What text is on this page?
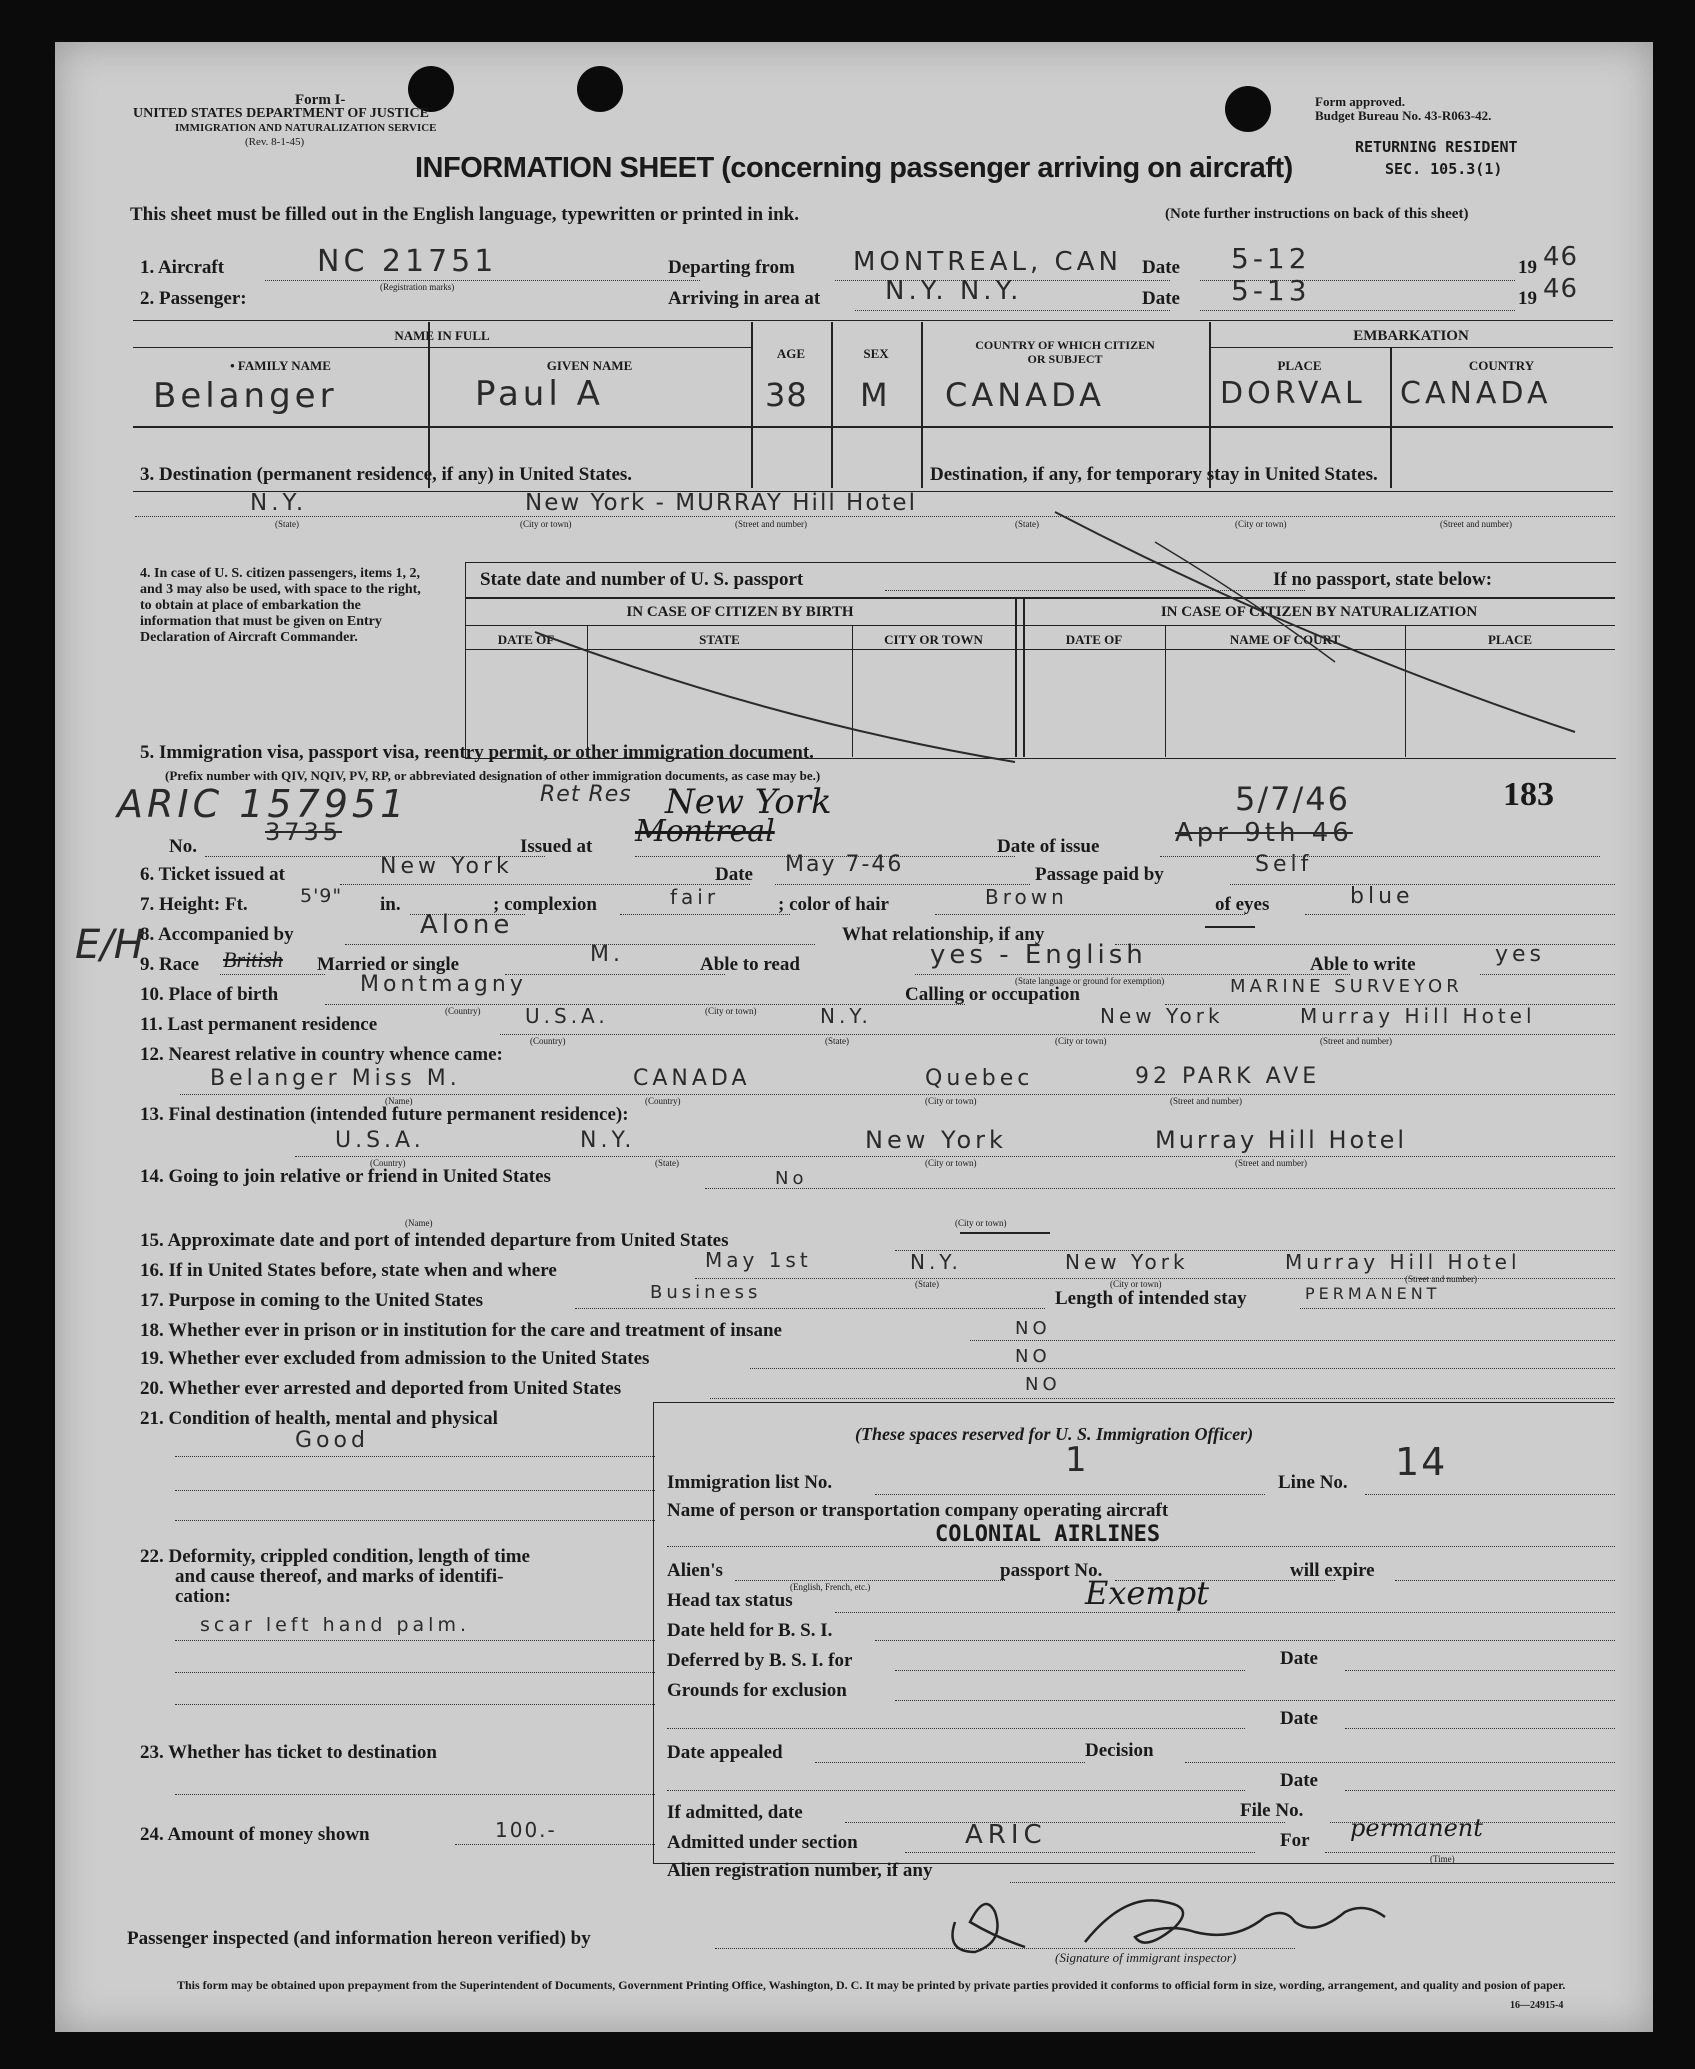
Form I-
UNITED STATES DEPARTMENT OF JUSTICE
IMMIGRATION AND NATURALIZATION SERVICE
(Rev. 8-1-45)
Form approved.
Budget Bureau No. 43-R063-42.
RETURNING RESIDENT
SEC. 105.3(1)
INFORMATION SHEET (concerning passenger arriving on aircraft)
This sheet must be filled out in the English language, typewritten or printed in ink.	(Note further instructions on back of this sheet)
1. Aircraft	NC 21751
(Registration marks)
Departing from MONTREAL, CAN Date 5-12	19 46
2. Passenger:	Arriving in area at N.Y. N.Y.	Date 5-13	19 46
NAME IN FULL
• FAMILY NAME	GIVEN NAME
AGE	SEX
COUNTRY OF WHICH CITIZEN
OR SUBJECT
EMBARKATION
PLACE	COUNTRY
Belanger	Paul A	38 M CANADA	DORVAL CANADA
3. Destination (permanent residence, if any) in United States.	Destination, if any, for temporary stay in United States.
N.Y.	New York - MURRAY Hill Hotel
(State)	(City or town)	(Street and number)	(State)	(City or town)	(Street and number)
4. In case of U. S. citizen passengers, items 1, 2, and 3 may also be used, with space to the right, to obtain at place of embarkation the information that must be given on Entry Declaration of Aircraft Commander.
State date and number of U. S. passport	If no passport, state below:
IN CASE OF CITIZEN BY BIRTH	IN CASE OF CITIZEN BY NATURALIZATION
DATE OF	STATE	CITY OR TOWN	DATE OF	NAME OF COURT	PLACE
5. Immigration visa, passport visa, reentry permit, or other immigration document.
(Prefix number with QIV, NQIV, PV, RP, or abbreviated designation of other immigration documents, as case may be.)
ARIC 157951	Ret Res New York	5/7/46	183
No.
3735
Issued at Montreal	Date of issue	Apr 9th 46
6. Ticket issued at	New York	Date May 7-46	Passage paid by	Self
7. Height: Ft.	5'9" in.	; complexion	fair	; color of hair	Brown	of eyes	blue
E/H
8. Accompanied by	Alone	What relationship, if any
9. Race British Married or single	M.	Able to read	yes - English
(State language or ground for exemption)
Able to write	yes
10. Place of birth	Montmagny
(Country)	(City or town)
Calling or occupation	MARINE SURVEYOR
11. Last permanent residence	U.S.A.	N.Y.	New York	Murray Hill Hotel
(Country)	(State)	(City or town)	(Street and number)
12. Nearest relative in country whence came:
Belanger Miss M.	CANADA	Quebec	92 PARK AVE
(Name)	(Country)	(City or town)	(Street and number)
13. Final destination (intended future permanent residence):
U.S.A.	N.Y.	New York	Murray Hill Hotel
(Country)	(State)	(City or town)	(Street and number)
14. Going to join relative or friend in United States	No
(Name)	(City or town)
15. Approximate date and port of intended departure from United States
16. If in United States before, state when and where	May 1st	N.Y.	New York	Murray Hill Hotel
(State)	(City or town)	(Street and number)
17. Purpose in coming to the United States	Business	Length of intended stay	PERMANENT
18. Whether ever in prison or in institution for the care and treatment of insane	NO
19. Whether ever excluded from admission to the United States	NO
20. Whether ever arrested and deported from United States	NO
21. Condition of health, mental and physical
Good
22. Deformity, crippled condition, length of time
and cause thereof, and marks of identifi-
cation:
scar left hand palm.
23. Whether has ticket to destination
24. Amount of money shown	100.-
(These spaces reserved for U. S. Immigration Officer)
Immigration list No.
1
Line No. 14
Name of person or transportation company operating aircraft
COLONIAL AIRLINES
Alien's
(English, French, etc.)
passport No.	will expire
Head tax status	Exempt
Date held for B. S. I.
Deferred by B. S. I. for	Date
Grounds for exclusion
Date
Date appealed	Decision
Date
If admitted, date	File No.
Admitted under section	ARIC	For permanent
(Time)
Alien registration number, if any
Passenger inspected (and information hereon verified) by
(Signature of immigrant inspector)
This form may be obtained upon prepayment from the Superintendent of Documents, Government Printing Office, Washington, D. C. It may be printed by private parties provided it conforms to official form in size, wording, arrangement, and quality and posion of paper.
16—24915-4
